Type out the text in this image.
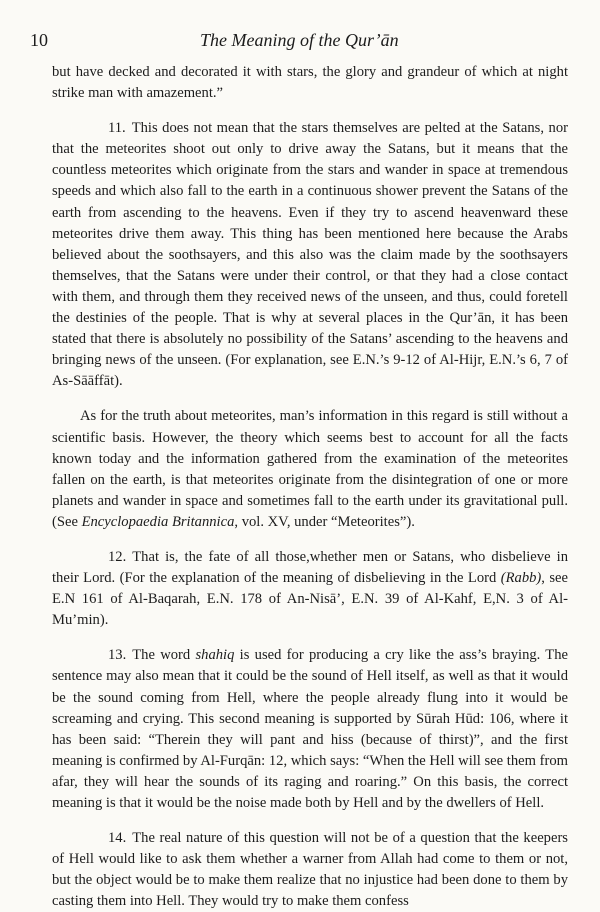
10	The Meaning of the Qur’ān

but have decked and decorated it with stars, the glory and grandeur of which at night strike man with amazement.”

11. This does not mean that the stars themselves are pelted at the Satans, nor that the meteorites shoot out only to drive away the Satans, but it means that the countless meteorites which originate from the stars and wander in space at tremendous speeds and which also fall to the earth in a continuous shower prevent the Satans of the earth from ascending to the heavens. Even if they try to ascend heavenward these meteorites drive them away. This thing has been mentioned here because the Arabs believed about the soothsayers, and this also was the claim made by the soothsayers themselves, that the Satans were under their control, or that they had a close contact with them, and through them they received news of the unseen, and thus, could foretell the destinies of the people. That is why at several places in the Qur’ān, it has been stated that there is absolutely no possibility of the Satans’ ascending to the heavens and bringing news of the unseen. (For explanation, see E.N.’s 9-12 of Al-Hijr, E.N.’s 6, 7 of As-Sāāffāt).

As for the truth about meteorites, man’s information in this regard is still without a scientific basis. However, the theory which seems best to account for all the facts known today and the information gathered from the examination of the meteorites fallen on the earth, is that meteorites originate from the disintegration of one or more planets and wander in space and sometimes fall to the earth under its gravitational pull. (See Encyclopaedia Britannica, vol. XV, under “Meteorites”).

12. That is, the fate of all those,whether men or Satans, who disbelieve in their Lord. (For the explanation of the meaning of disbelieving in the Lord (Rabb), see E.N 161 of Al-Baqarah, E.N. 178 of An-Nisā’, E.N. 39 of Al-Kahf, E,N. 3 of Al-Mu’min).

13. The word shahiq is used for producing a cry like the ass’s braying. The sentence may also mean that it could be the sound of Hell itself, as well as that it would be the sound coming from Hell, where the people already flung into it would be screaming and crying. This second meaning is supported by Sūrah Hūd: 106, where it has been said: “Therein they will pant and hiss (because of thirst)”, and the first meaning is confirmed by Al-Furqān: 12, which says: “When the Hell will see them from afar, they will hear the sounds of its raging and roaring.” On this basis, the correct meaning is that it would be the noise made both by Hell and by the dwellers of Hell.

14. The real nature of this question will not be of a question that the keepers of Hell would like to ask them whether a warner from Allah had come to them or not, but the object would be to make them realize that no injustice had been done to them by casting them into Hell. They would try to make them confess
